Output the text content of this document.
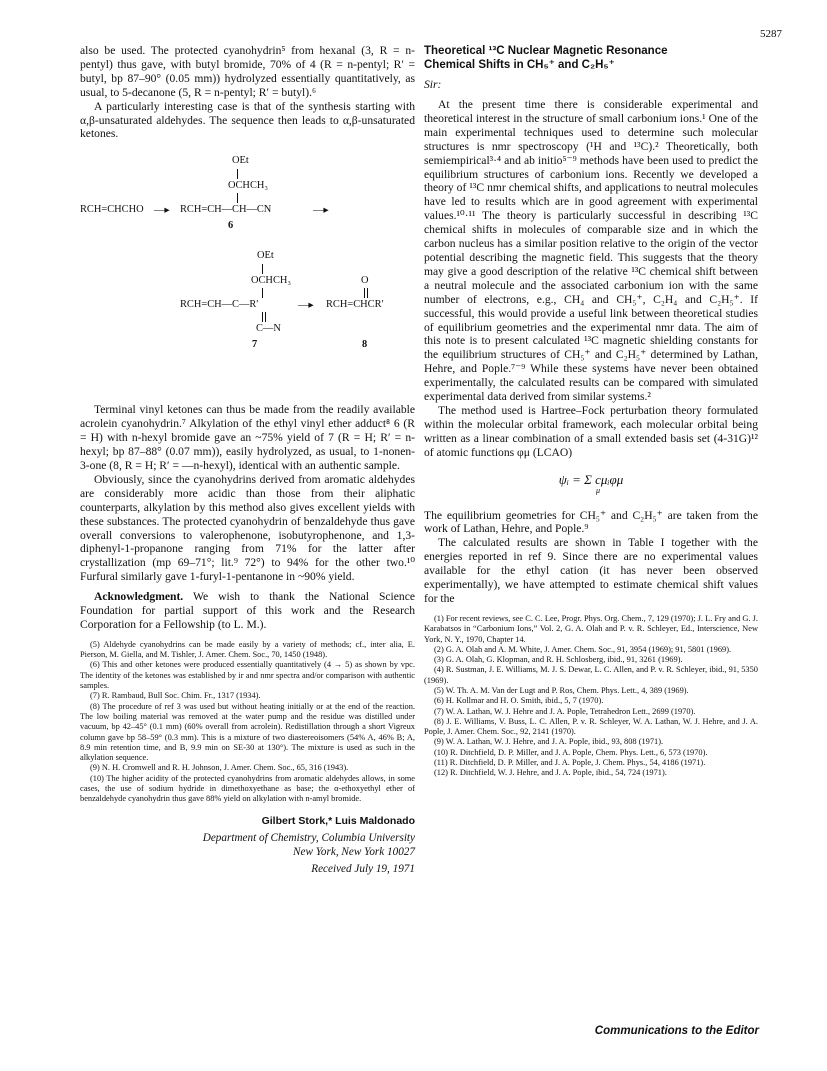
5287

also be used. The protected cyanohydrin⁵ from hexanal (3, R = n-pentyl) thus gave, with butyl bromide, 70% of 4 (R = n-pentyl; R′ = butyl, bp 87–90° (0.05 mm)) hydrolyzed essentially quantitatively, as usual, to 5-decanone (5, R = n-pentyl; R′ = butyl).⁶

A particularly interesting case is that of the synthesis starting with α,β-unsaturated aldehydes. The sequence then leads to α,β-unsaturated ketones.

OEt
OCHCH₃
RCH=CHCHO —▸ RCH=CH—CH—CN	—▸
6
OEt
OCHCH₃	O
RCH=CH—C—R′	—▸ RCH=CHCR′
C—N
7	8

Terminal vinyl ketones can thus be made from the readily available acrolein cyanohydrin.⁷ Alkylation of the ethyl vinyl ether adduct⁸ 6 (R = H) with n-hexyl bromide gave an ~75% yield of 7 (R = H; R′ = n-hexyl; bp 87–88° (0.07 mm)), easily hydrolyzed, as usual, to 1-nonen-3-one (8, R = H; R′ = —n-hexyl), identical with an authentic sample.

Obviously, since the cyanohydrins derived from aromatic aldehydes are considerably more acidic than those from their aliphatic counterparts, alkylation by this method also gives excellent yields with these substances. The protected cyanohydrin of benzaldehyde thus gave overall conversions to valerophenone, isobutyrophenone, and 1,3-diphenyl-1-propanone ranging from 71% for the latter after crystallization (mp 69–71°; lit.⁹ 72°) to 94% for the other two.¹⁰ Furfural similarly gave 1-furyl-1-pentanone in ~90% yield.

Acknowledgment. We wish to thank the National Science Foundation for partial support of this work and the Research Corporation for a Fellowship (to L. M.).

(5) Aldehyde cyanohydrins can be made easily by a variety of methods; cf., inter alia, E. Pierson, M. Giella, and M. Tishler, J. Amer. Chem. Soc., 70, 1450 (1948).

(6) This and other ketones were produced essentially quantitatively (4 → 5) as shown by vpc. The identity of the ketones was established by ir and nmr spectra and/or comparison with authentic samples.

(7) R. Rambaud, Bull Soc. Chim. Fr., 1317 (1934).

(8) The procedure of ref 3 was used but without heating initially or at the end of the reaction. The low boiling material was removed at the water pump and the residue was distilled under vacuum, bp 42–45° (0.1 mm) (60% overall from acrolein). Redistillation through a short Vigreux column gave bp 58–59° (0.3 mm). This is a mixture of two diastereoisomers (54% A, 46% B; A, 8.9 min retention time, and B, 9.9 min on SE-30 at 130°). The mixture is used as such in the alkylation sequence.

(9) N. H. Cromwell and R. H. Johnson, J. Amer. Chem. Soc., 65, 316 (1943).

(10) The higher acidity of the protected cyanohydrins from aromatic aldehydes allows, in some cases, the use of sodium hydride in dimethoxyethane as base; the α-ethoxyethyl ether of benzaldehyde cyanohydrin thus gave 88% yield on alkylation with n-amyl bromide.

Gilbert Stork,* Luis Maldonado
Department of Chemistry, Columbia University
New York, New York 10027
Received July 19, 1971
Theoretical ¹³C Nuclear Magnetic Resonance
Chemical Shifts in CH₅⁺ and C₂H₅⁺
Sir:

At the present time there is considerable experimental and theoretical interest in the structure of small carbonium ions.¹ One of the main experimental techniques used to determine such molecular structures is nmr spectroscopy (¹H and ¹³C).² Theoretically, both semiempirical³·⁴ and ab initio⁵⁻⁹ methods have been used to predict the equilibrium structures of carbonium ions. Recently we developed a theory of ¹³C nmr chemical shifts, and applications to neutral molecules have led to results which are in good agreement with experimental values.¹⁰·¹¹ The theory is particularly successful in describing ¹³C chemical shifts in molecules of comparable size and in which the carbon nucleus has a similar position relative to the origin of the vector potential describing the magnetic field. This suggests that the theory may give a good description of the relative ¹³C chemical shift between a neutral molecule and the associated carbonium ion with the same number of electrons, e.g., CH₄ and CH₅⁺, C₂H₄ and C₂H₅⁺. If successful, this would provide a useful link between theoretical studies of equilibrium geometries and the experimental nmr data. The aim of this note is to present calculated ¹³C magnetic shielding constants for the equilibrium structures of CH₅⁺ and C₂H₅⁺ determined by Lathan, Hehre, and Pople.⁷⁻⁹ While these systems have never been obtained experimentally, the calculated results can be compared with simulated experimental data derived from similar systems.²

The method used is Hartree–Fock perturbation theory formulated within the molecular orbital framework, each molecular orbital being written as a linear combination of a small extended basis set (4-31G)¹² of atomic functions φμ (LCAO)

ψᵢ = Σ cμᵢφμ
μ

The equilibrium geometries for CH₅⁺ and C₂H₅⁺ are taken from the work of Lathan, Hehre, and Pople.⁹

The calculated results are shown in Table I together with the energies reported in ref 9. Since there are no experimental values available for the ethyl cation (it has never been observed experimentally), we have attempted to estimate chemical shift values for the

(1) For recent reviews, see C. C. Lee, Progr. Phys. Org. Chem., 7, 129 (1970); J. L. Fry and G. J. Karabatsos in “Carbonium Ions,” Vol. 2, G. A. Olah and P. v. R. Schleyer, Ed., Interscience, New York, N. Y., 1970, Chapter 14.

(2) G. A. Olah and A. M. White, J. Amer. Chem. Soc., 91, 3954 (1969); 91, 5801 (1969).

(3) G. A. Olah, G. Klopman, and R. H. Schlosberg, ibid., 91, 3261 (1969).

(4) R. Sustman, J. E. Williams, M. J. S. Dewar, L. C. Allen, and P. v. R. Schleyer, ibid., 91, 5350 (1969).

(5) W. Th. A. M. Van der Lugt and P. Ros, Chem. Phys. Lett., 4, 389 (1969).

(6) H. Kollmar and H. O. Smith, ibid., 5, 7 (1970).

(7) W. A. Lathan, W. J. Hehre and J. A. Pople, Tetrahedron Lett., 2699 (1970).

(8) J. E. Williams, V. Buss, L. C. Allen, P. v. R. Schleyer, W. A. Lathan, W. J. Hehre, and J. A. Pople, J. Amer. Chem. Soc., 92, 2141 (1970).

(9) W. A. Lathan, W. J. Hehre, and J. A. Pople, ibid., 93, 808 (1971).

(10) R. Ditchfield, D. P. Miller, and J. A. Pople, Chem. Phys. Lett., 6, 573 (1970).

(11) R. Ditchfield, D. P. Miller, and J. A. Pople, J. Chem. Phys., 54, 4186 (1971).

(12) R. Ditchfield, W. J. Hehre, and J. A. Pople, ibid., 54, 724 (1971).

Communications to the Editor
